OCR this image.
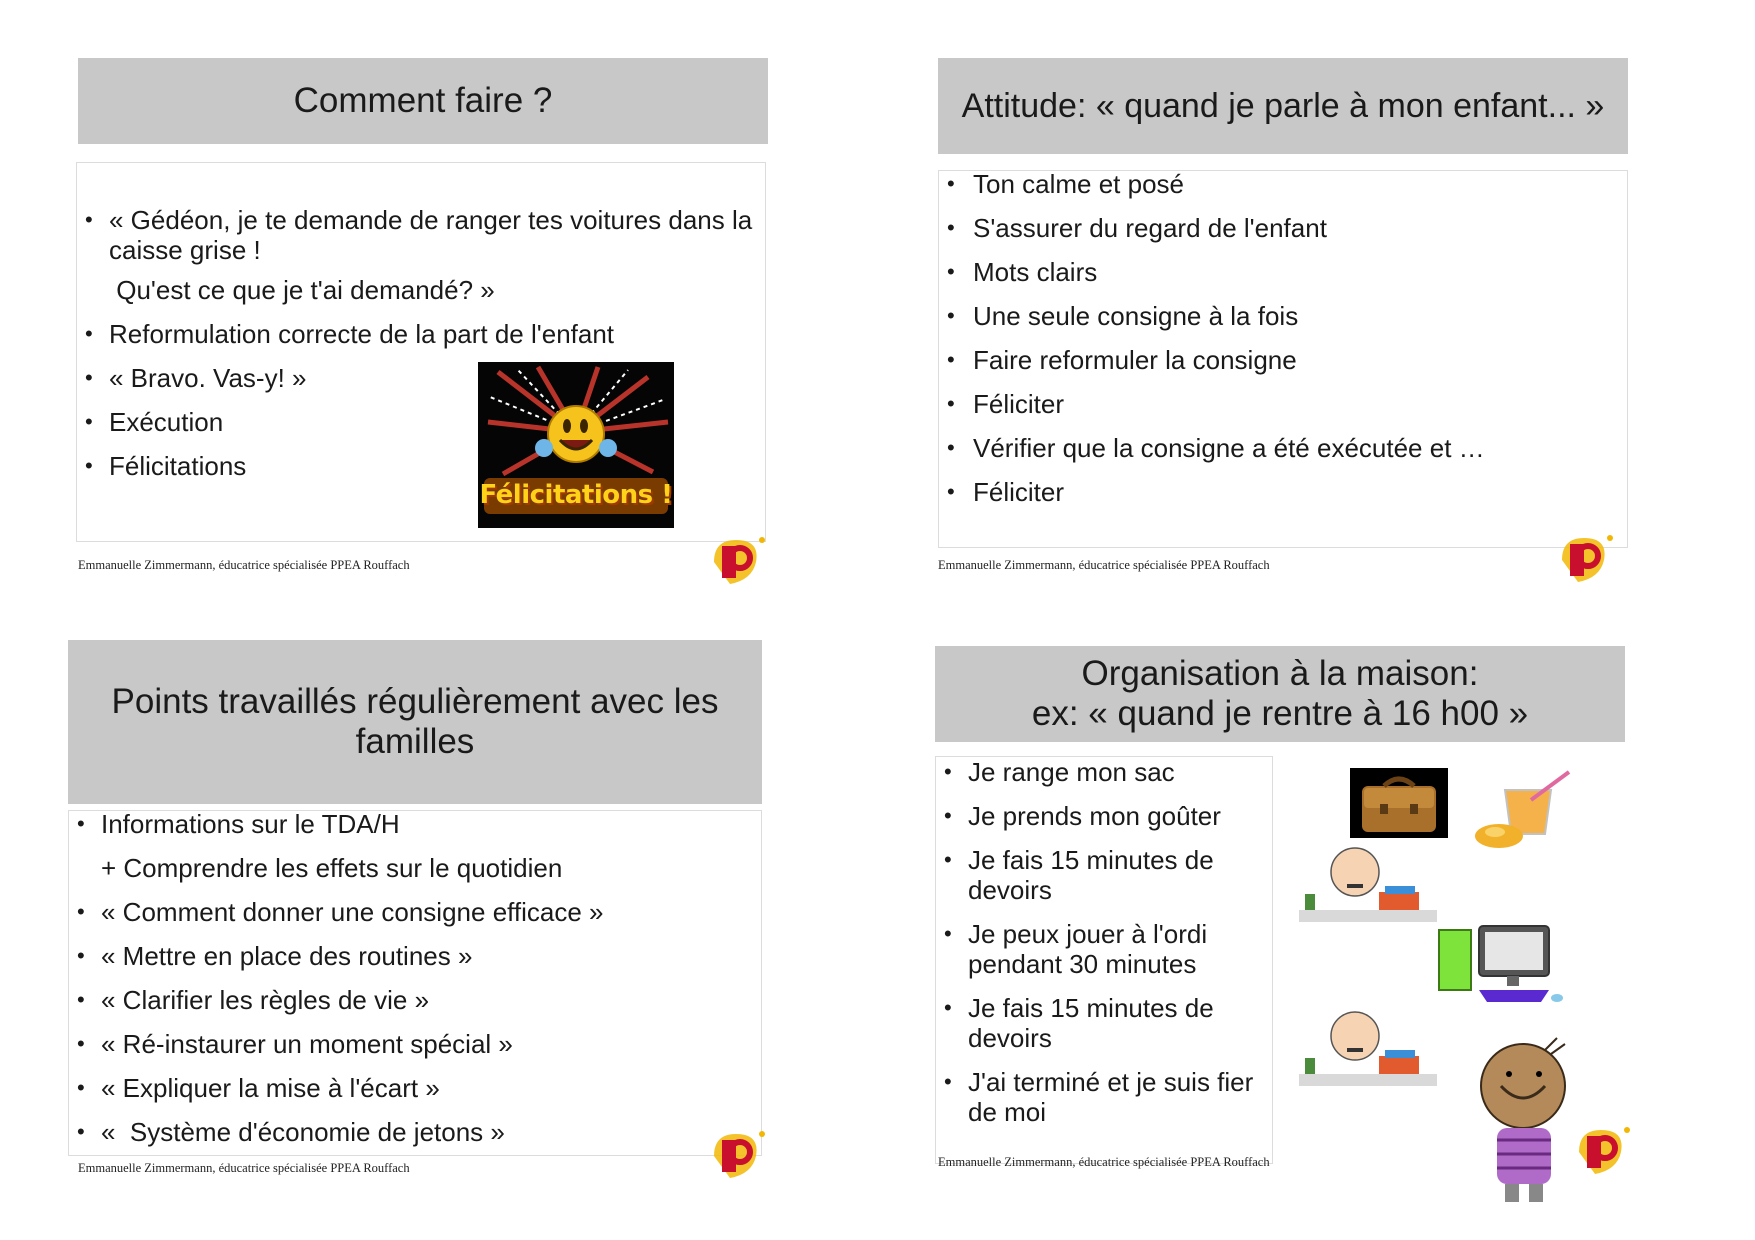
Comment faire ?
• « Gédéon, je te demande de ranger tes voitures dans la caisse grise !
Qu'est ce que je t'ai demandé? »
• Reformulation correcte de la part de l'enfant
• « Bravo. Vas-y! »
• Exécution
• Félicitations
Félicitations !
Emmanuelle Zimmermann, éducatrice spécialisée PPEA Rouffach
Attitude: « quand je parle à mon enfant... »
• Ton calme et posé
• S'assurer du regard de l'enfant
• Mots clairs
• Une seule consigne à la fois
• Faire reformuler la consigne
• Féliciter
• Vérifier que la consigne a été exécutée et …
• Féliciter
Emmanuelle Zimmermann, éducatrice spécialisée PPEA Rouffach
Points travaillés régulièrement avec les familles
• Informations sur le TDA/H
+ Comprendre les effets sur le quotidien
• « Comment donner une consigne efficace »
• « Mettre en place des routines »
• « Clarifier les règles de vie »
• « Ré-instaurer un moment spécial »
• « Expliquer la mise à l'écart »
• «  Système d'économie de jetons »
Emmanuelle Zimmermann, éducatrice spécialisée PPEA Rouffach
Organisation à la maison:
ex: « quand je rentre à 16 h00 »
• Je range mon sac
• Je prends mon goûter
• Je fais 15 minutes de devoirs
• Je peux jouer à l'ordi pendant 30 minutes
• Je fais 15 minutes de devoirs
• J'ai terminé et je suis fier de moi
Emmanuelle Zimmermann, éducatrice spécialisée PPEA Rouffach
